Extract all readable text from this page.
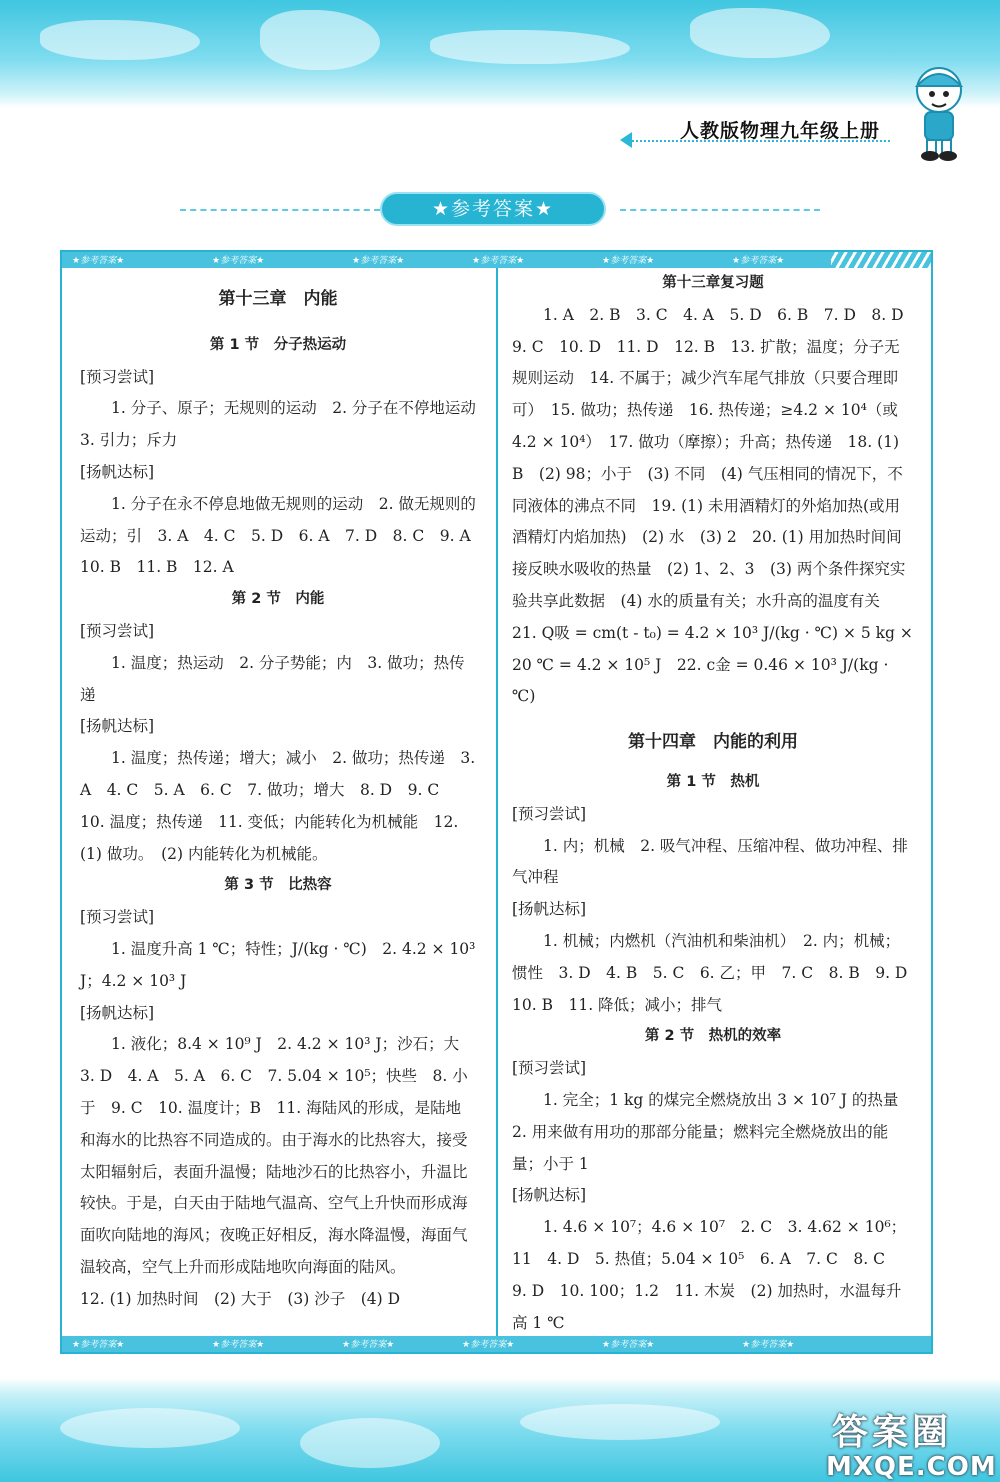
人教版物理九年级上册
★参考答案★
★参考答案★	★参考答案★	★参考答案★	★参考答案★	★参考答案★	★参考答案★

第十三章　内能

第 1 节　分子热运动

[预习尝试]

1. 分子、原子；无规则的运动　2. 分子在不停地运动　3. 引力；斥力

[扬帆达标]

1. 分子在永不停息地做无规则的运动　2. 做无规则的运动；引　3. A　4. C　5. D　6. A　7. D　8. C　9. A　10. B　11. B　12. A

第 2 节　内能

[预习尝试]

1. 温度；热运动　2. 分子势能；内　3. 做功；热传递

[扬帆达标]

1. 温度；热传递；增大；减小　2. 做功；热传递　3. A　4. C　5. A　6. C　7. 做功；增大　8. D　9. C　10. 温度；热传递　11. 变低；内能转化为机械能　12. (1) 做功。　(2) 内能转化为机械能。

第 3 节　比热容

[预习尝试]

1. 温度升高 1 ℃；特性；J/(kg · ℃)　2. 4.2 × 10³ J；4.2 × 10³ J

[扬帆达标]

1. 液化；8.4 × 10⁹ J　2. 4.2 × 10³ J；沙石；大　3. D　4. A　5. A　6. C　7. 5.04 × 10⁵；快些　8. 小于　9. C　10. 温度计；B　11. 海陆风的形成，是陆地和海水的比热容不同造成的。由于海水的比热容大，接受太阳辐射后，表面升温慢；陆地沙石的比热容小，升温比较快。于是，白天由于陆地气温高、空气上升快而形成海面吹向陆地的海风；夜晚正好相反，海水降温慢，海面气温较高，空气上升而形成陆地吹向海面的陆风。

12. (1) 加热时间　(2) 大于　(3) 沙子　(4) D

第十三章复习题

1. A　2. B　3. C　4. A　5. D　6. B　7. D　8. D　9. C　10. D　11. D　12. B　13. 扩散；温度；分子无规则运动　14. 不属于；减少汽车尾气排放（只要合理即可）　15. 做功；热传递　16. 热传递；≥4.2 × 10⁴（或 4.2 × 10⁴）　17. 做功（摩擦）；升高；热传递　18. (1) B　(2) 98；小于　(3) 不同　(4) 气压相同的情况下，不同液体的沸点不同　19. (1) 未用酒精灯的外焰加热(或用酒精灯内焰加热)　(2) 水　(3) 2　20. (1) 用加热时间间接反映水吸收的热量　(2) 1、2、3　(3) 两个条件探究实验共享此数据　(4) 水的质量有关；水升高的温度有关　21. Q吸 = cm(t - t₀) = 4.2 × 10³ J/(kg · ℃) × 5 kg × 20 ℃ = 4.2 × 10⁵ J　22. c金 = 0.46 × 10³ J/(kg · ℃)

第十四章　内能的利用

第 1 节　热机

[预习尝试]

1. 内；机械　2. 吸气冲程、压缩冲程、做功冲程、排气冲程

[扬帆达标]

1. 机械；内燃机（汽油机和柴油机）　2. 内；机械；惯性　3. D　4. B　5. C　6. 乙；甲　7. C　8. B　9. D　10. B　11. 降低；减小；排气

第 2 节　热机的效率

[预习尝试]

1. 完全；1 kg 的煤完全燃烧放出 3 × 10⁷ J 的热量　2. 用来做有用功的那部分能量；燃料完全燃烧放出的能量；小于 1

[扬帆达标]

1. 4.6 × 10⁷；4.6 × 10⁷　2. C　3. 4.62 × 10⁶；11　4. D　5. 热值；5.04 × 10⁵　6. A　7. C　8. C　9. D　10. 100；1.2　11. 木炭　(2) 加热时，水温每升高 1 ℃

★参考答案★	★参考答案★	★参考答案★	★参考答案★	★参考答案★	★参考答案★
答案圈
MXQE.COM
